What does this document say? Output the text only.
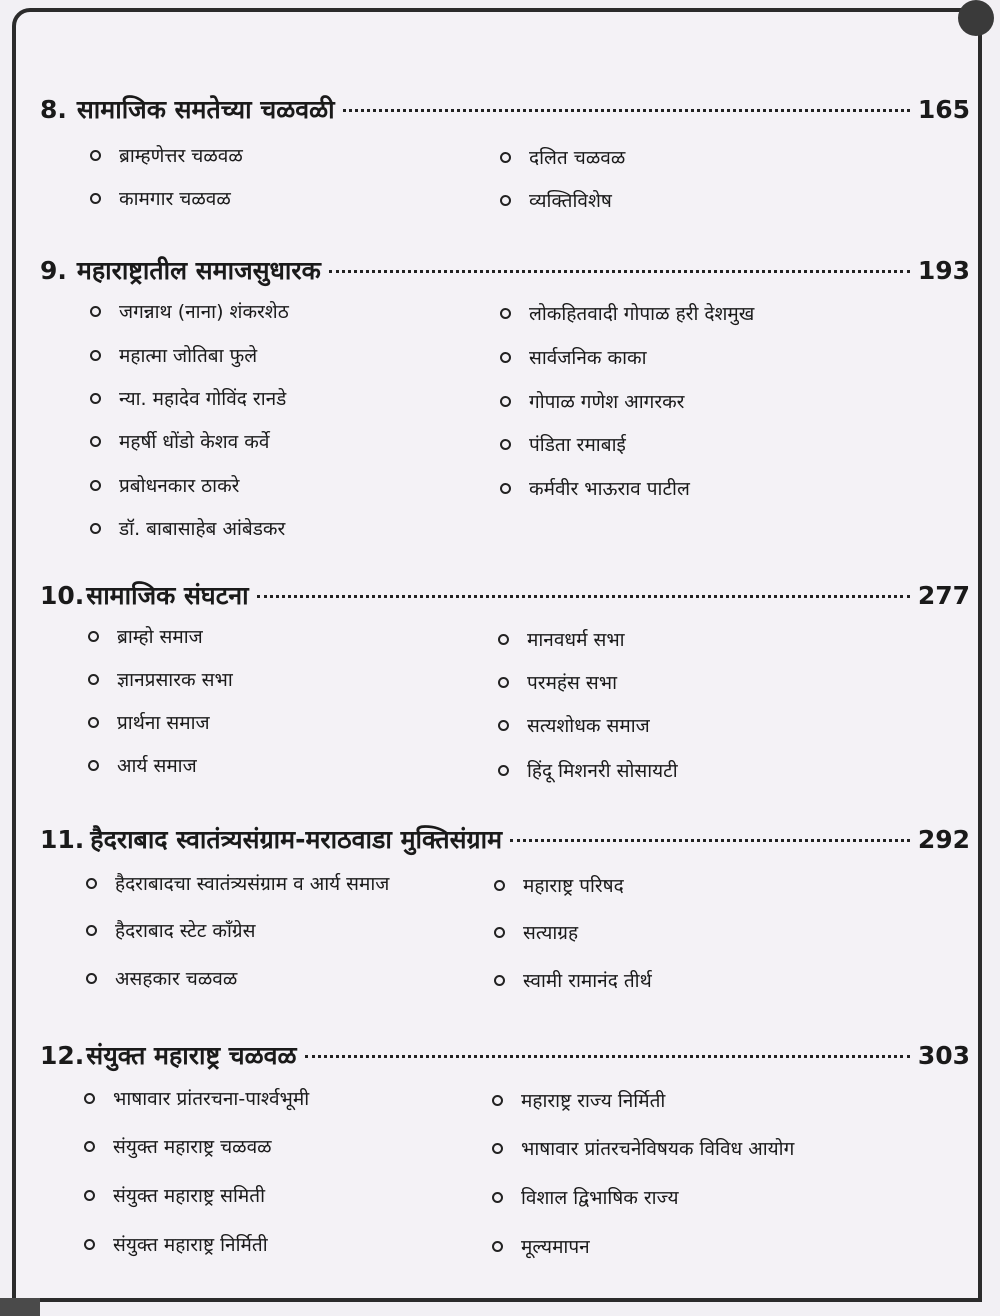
8. सामाजिक समतेच्या चळवळी	165
ब्राम्हणेत्तर चळवळ
कामगार चळवळ
दलित चळवळ
व्यक्तिविशेष
9. महाराष्ट्रातील समाजसुधारक	193
जगन्नाथ (नाना) शंकरशेठ
महात्मा जोतिबा फुले
न्या. महादेव गोविंद रानडे
महर्षी धोंडो केशव कर्वे
प्रबोधनकार ठाकरे
डॉ. बाबासाहेब आंबेडकर
लोकहितवादी गोपाळ हरी देशमुख
सार्वजनिक काका
गोपाळ गणेश आगरकर
पंडिता रमाबाई
कर्मवीर भाऊराव पाटील
10. सामाजिक संघटना	277
ब्राम्हो समाज
ज्ञानप्रसारक सभा
प्रार्थना समाज
आर्य समाज
मानवधर्म सभा
परमहंस सभा
सत्यशोधक समाज
हिंदू मिशनरी सोसायटी
11. हैदराबाद स्वातंत्र्यसंग्राम-मराठवाडा मुक्तिसंग्राम	292
हैदराबादचा स्वातंत्र्यसंग्राम व आर्य समाज
हैदराबाद स्टेट काँग्रेस
असहकार चळवळ
महाराष्ट्र परिषद
सत्याग्रह
स्वामी रामानंद तीर्थ
12. संयुक्त महाराष्ट्र चळवळ	303
भाषावार प्रांतरचना-पार्श्वभूमी
संयुक्त महाराष्ट्र चळवळ
संयुक्त महाराष्ट्र समिती
संयुक्त महाराष्ट्र निर्मिती
महाराष्ट्र राज्य निर्मिती
भाषावार प्रांतरचनेविषयक विविध आयोग
विशाल द्विभाषिक राज्य
मूल्यमापन
